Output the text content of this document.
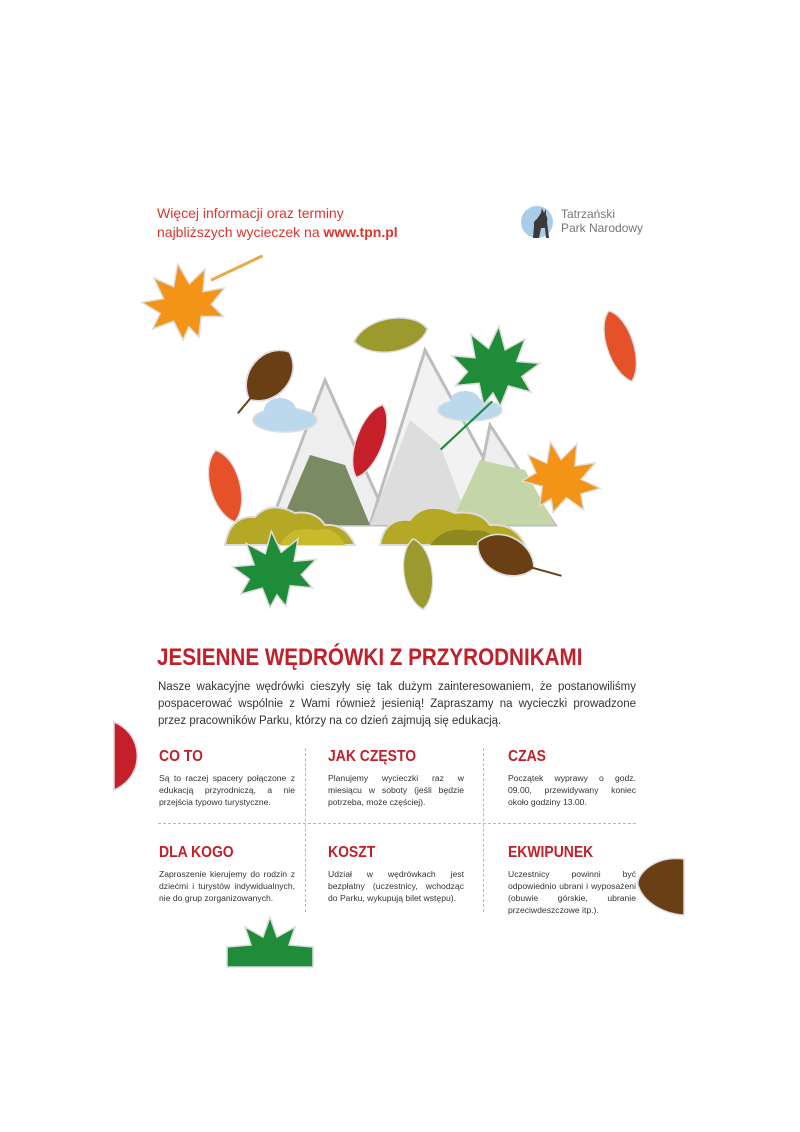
Więcej informacji oraz terminy
najbliższych wycieczek na www.tpn.pl
Tatrzański
Park Narodowy
JESIENNE WĘDRÓWKI Z PRZYRODNIKAMI
Nasze wakacyjne wędrówki cieszyły się tak dużym zainteresowaniem, że postanowiliśmy pospacerować wspólnie z Wami również jesienią! Zapraszamy na wycieczki prowadzone przez pracowników Parku, którzy na co dzień zajmują się edukacją.
CO TO

Są to raczej spacery połączone z edukacją przyrodniczą, a nie przejścia typowo turystyczne.

JAK CZĘSTO

Planujemy wycieczki raz w miesiącu w soboty (jeśli będzie potrzeba, może częściej).

CZAS

Początek wyprawy o godz. 09.00, przewidywany koniec około godziny 13.00.

DLA KOGO

Zaproszenie kierujemy do rodzin z dziećmi i turystów indywidualnych, nie do grup zorganizowanych.

KOSZT

Udział w wędrówkach jest bezpłatny (uczestnicy, wchodząc do Parku, wykupują bilet wstępu).

EKWIPUNEK

Uczestnicy powinni być odpowiednio ubrani i wyposażeni (obuwie górskie, ubranie przeciwdeszczowe itp.).
